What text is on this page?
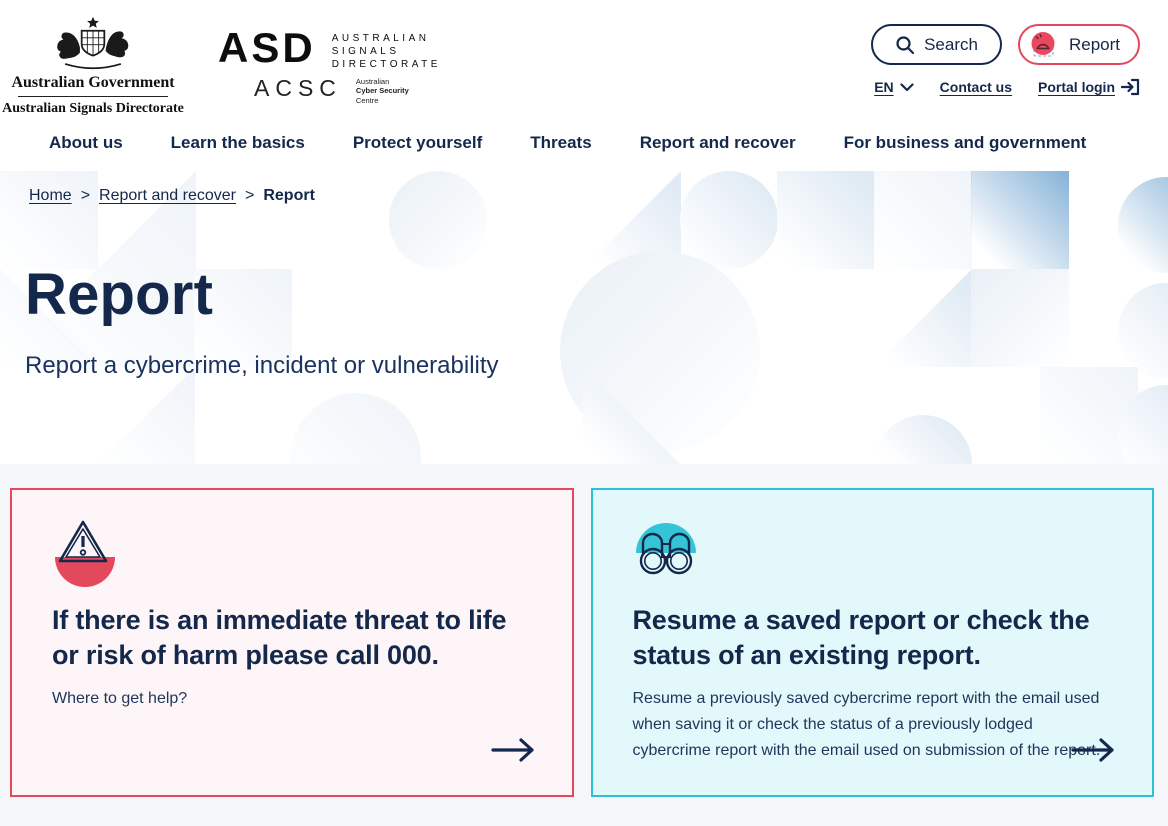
Australian Government
Australian Signals Directorate
ASD AUSTRALIAN
SIGNALS
DIRECTORATE
ACSC Australian
Cyber Security
Centre
Search	Report
EN	Contact us Portal login
About us	Learn the basics	Protect yourself	Threats	Report and recover	For business and government
Home > Report and recover > Report
Report

Report a cybercrime, incident or vulnerability

If there is an immediate threat to life or risk of harm please call 000.

Where to get help?

Resume a saved report or check the status of an existing report.

Resume a previously saved cybercrime report with the email used when saving it or check the status of a previously lodged cybercrime report with the email used on submission of the report.
